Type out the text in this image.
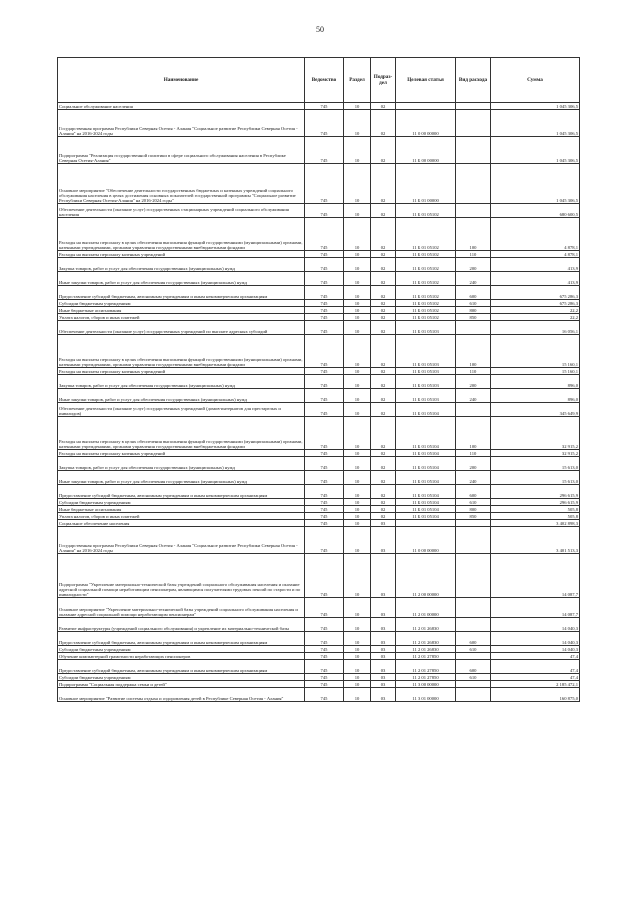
50
Наименование	Ведомство	Раздел	Подраз-дел	Целевая статья	Вид расхода	Сумма
Социальное обслуживание населения	745	10	02			1 045 306,5
Государственная программа Республики Северная Осетия - Алания "Социальное развитие Республики Северная Осетия - Алания" на 2016-2024 годы	745	10	02	11 0 00 00000		1 045 306,5
Подпрограмма "Реализация государственной политики в сфере социального обслуживания населения в Республике Северная Осетия-Алания"	745	10	02	11 Б 00 00000		1 045 306,5
Основное мероприятие "Обеспечение деятельности государственных бюджетных и казенных учреждений социального обслуживания населения в целях достижения основных показателей государственной программы "Социальное развитие Республики Северная Осетия-Алания" на 2016-2024 годы"	745	10	02	11 Б 01 00000		1 045 306,5
Обеспечение деятельности (оказание услуг) государственных стационарных учреждений социального обслуживания населения	745	10	02	11 Б 01 05102		680 600,5
Расходы на выплаты персоналу в целях обеспечения выполнения функций государственными (муниципальными) органами, казенными учреждениями, органами управления государственными внебюджетными фондами	745	10	02	11 Б 01 05102	100	4 878,1
Расходы на выплаты персоналу казенных учреждений	745	10	02	11 Б 01 05102	110	4 878,1
Закупка товаров, работ и услуг для обеспечения государственных (муниципальных) нужд	745	10	02	11 Б 01 05102	200	413,9
Иные закупки товаров, работ и услуг для обеспечения государственных (муниципальных) нужд	745	10	02	11 Б 01 05102	240	413,9
Предоставление субсидий бюджетным, автономным учреждениям и иным некоммерческим организациям	745	10	02	11 Б 01 05102	600	675 286,3
Субсидии бюджетным учреждениям	745	10	02	11 Б 01 05102	610	675 286,3
Иные бюджетные ассигнования	745	10	02	11 Б 01 05102	800	22,2
Уплата налогов, сборов и иных платежей	745	10	02	11 Б 01 05102	850	22,2
Обеспечение деятельности (оказание услуг) государственных учреждений по выплате адресных субсидий	745	10	02	11 Б 01 05103		16 056,1
Расходы на выплаты персоналу в целях обеспечения выполнения функций государственными (муниципальными) органами, казенными учреждениями, органами управления государственными внебюджетными фондами	745	10	02	11 Б 01 05103	100	15 160,1
Расходы на выплаты персоналу казенных учреждений	745	10	02	11 Б 01 05103	110	15 160,1
Закупка товаров, работ и услуг для обеспечения государственных (муниципальных) нужд	745	10	02	11 Б 01 05103	200	896,0
Иные закупки товаров, работ и услуг для обеспечения государственных (муниципальных) нужд	745	10	02	11 Б 01 05103	240	896,0
Обеспечение деятельности (оказание услуг) государственных учреждений (домов-интернатов для престарелых и инвалидов)	745	10	02	11 Б 01 05104		345 649,9
Расходы на выплаты персоналу в целях обеспечения выполнения функций государственными (муниципальными) органами, казенными учреждениями, органами управления государственными внебюджетными фондами	745	10	02	11 Б 01 05104	100	32 915,2
Расходы на выплаты персоналу казенных учреждений	745	10	02	11 Б 01 05104	110	32 915,2
Закупка товаров, работ и услуг для обеспечения государственных (муниципальных) нужд	745	10	02	11 Б 01 05104	200	15 613,0
Иные закупки товаров, работ и услуг для обеспечения государственных (муниципальных) нужд	745	10	02	11 Б 01 05104	240	15 613,0
Предоставление субсидий бюджетным, автономным учреждениям и иным некоммерческим организациям	745	10	02	11 Б 01 05104	600	296 615,9
Субсидии бюджетным учреждениям	745	10	02	11 Б 01 05104	610	296 615,9
Иные бюджетные ассигнования	745	10	02	11 Б 01 05104	800	505,8
Уплата налогов, сборов и иных платежей	745	10	02	11 Б 01 05104	850	505,8
Социальное обеспечение населения	745	10	03			3 402 898,3
Государственная программа Республики Северная Осетия - Алания "Социальное развитие Республики Северная Осетия - Алания" на 2016-2024 годы	745	10	03	11 0 00 00000		3 401 513,3
Подпрограмма "Укрепление материально-технической базы учреждений социального обслуживания населения и оказание адресной социальной помощи неработающим пенсионерам, являющимся получателями трудовых пенсий по старости и по инвалидности"	745	10	03	11 2 00 00000		14 087,7
Основное мероприятие "Укрепление материально-технической базы учреждений социального обслуживания населения и оказание адресной социальной помощи неработающим пенсионерам"	745	10	03	11 2 01 00000		14 087,7
Развитие инфраструктуры (учреждений социального обслуживания) и укрепление их материально-технической базы	745	10	03	11 2 01 26830		14 040,3
Предоставление субсидий бюджетным, автономным учреждениям и иным некоммерческим организациям	745	10	03	11 2 01 26830	600	14 040,3
Субсидии бюджетным учреждениям	745	10	03	11 2 01 26830	610	14 040,3
Обучение компьютерной грамотности неработающих пенсионеров	745	10	03	11 2 01 27850		47,4
Предоставление субсидий бюджетным, автономным учреждениям и иным некоммерческим организациям	745	10	03	11 2 01 27850	600	47,4
Субсидии бюджетным учреждениям	745	10	03	11 2 01 27850	610	47,4
Подпрограмма "Социальная поддержка семьи и детей"	745	10	03	11 3 00 00000		2 185 472,1
Основное мероприятие "Развитие системы отдыха и оздоровления детей в Республике Северная Осетия - Алания"	745	10	03	11 3 01 00000		160 875,0
